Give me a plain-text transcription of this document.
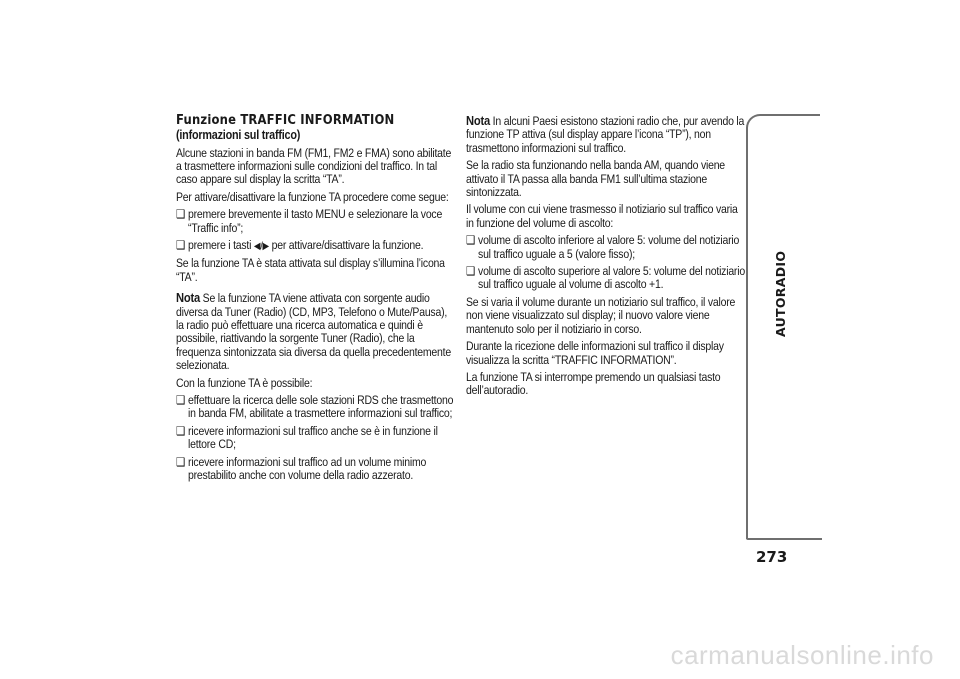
Funzione TRAFFIC INFORMATION
(informazioni sul traffico)

Alcune stazioni in banda FM (FM1, FM2 e FMA) sono abilitate a trasmettere informazioni sulle condizioni del traffico. In tal caso appare sul display la scritta “TA”.

Per attivare/disattivare la funzione TA procedere come segue:

❑ premere brevemente il tasto MENU e selezionare la voce “Traffic info”;
❑ premere i tasti ◀/▶ per attivare/disattivare la funzione.

Se la funzione TA è stata attivata sul display s’illumina l’icona “TA”.

Nota Se la funzione TA viene attivata con sorgente audio diversa da Tuner (Radio) (CD, MP3, Telefono o Mute/Pausa), la radio può effettuare una ricerca automatica e quindi è possibile, riattivando la sorgente Tuner (Radio), che la frequenza sintonizzata sia diversa da quella precedentemente selezionata.

Con la funzione TA è possibile:

❑ effettuare la ricerca delle sole stazioni RDS che trasmettono in banda FM, abilitate a trasmettere informazioni sul traffico;
❑ ricevere informazioni sul traffico anche se è in funzione il lettore CD;
❑ ricevere informazioni sul traffico ad un volume minimo prestabilito anche con volume della radio azzerato.

Nota In alcuni Paesi esistono stazioni radio che, pur avendo la funzione TP attiva (sul display appare l’icona “TP”), non trasmettono informazioni sul traffico.

Se la radio sta funzionando nella banda AM, quando viene attivato il TA passa alla banda FM1 sull’ultima stazione sintonizzata.

Il volume con cui viene trasmesso il notiziario sul traffico varia in funzione del volume di ascolto:

❑ volume di ascolto inferiore al valore 5: volume del notiziario sul traffico uguale a 5 (valore fisso);
❑ volume di ascolto superiore al valore 5: volume del notiziario sul traffico uguale al volume di ascolto +1.

Se si varia il volume durante un notiziario sul traffico, il valore non viene visualizzato sul display; il nuovo valore viene mantenuto solo per il notiziario in corso.

Durante la ricezione delle informazioni sul traffico il display visualizza la scritta “TRAFFIC INFORMATION”.

La funzione TA si interrompe premendo un qualsiasi tasto dell’autoradio.

AUTORADIO
273
carmanualsonline.info
